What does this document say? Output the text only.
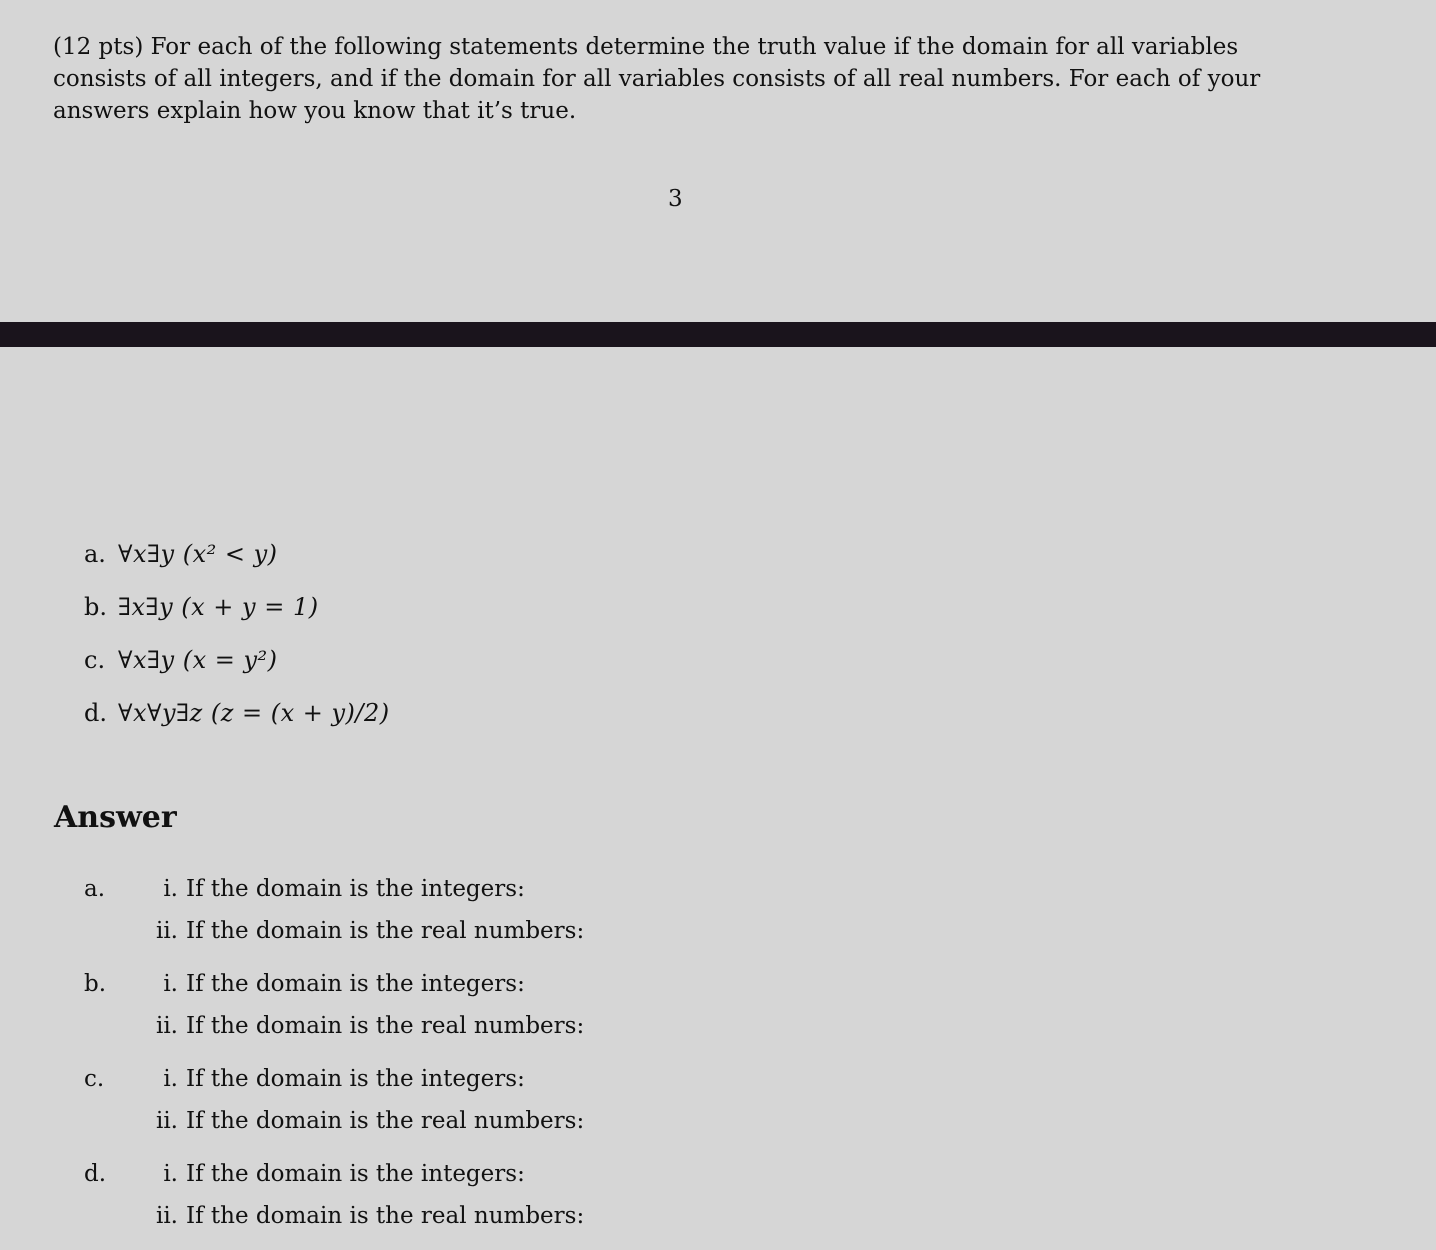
(12 pts) For each of the following statements determine the truth value if the domain for all variables consists of all integers, and if the domain for all variables consists of all real numbers. For each of your answers explain how you know that it’s true.

3
a. ∀x∃y (x² < y)
b. ∃x∃y (x + y = 1)
c. ∀x∃y (x = y²)
d. ∀x∀y∃z (z = (x + y)/2)
Answer
a.	i. If the domain is the integers:
ii. If the domain is the real numbers:
b.	i. If the domain is the integers:
ii. If the domain is the real numbers:
c.	i. If the domain is the integers:
ii. If the domain is the real numbers:
d.	i. If the domain is the integers:
ii. If the domain is the real numbers:
